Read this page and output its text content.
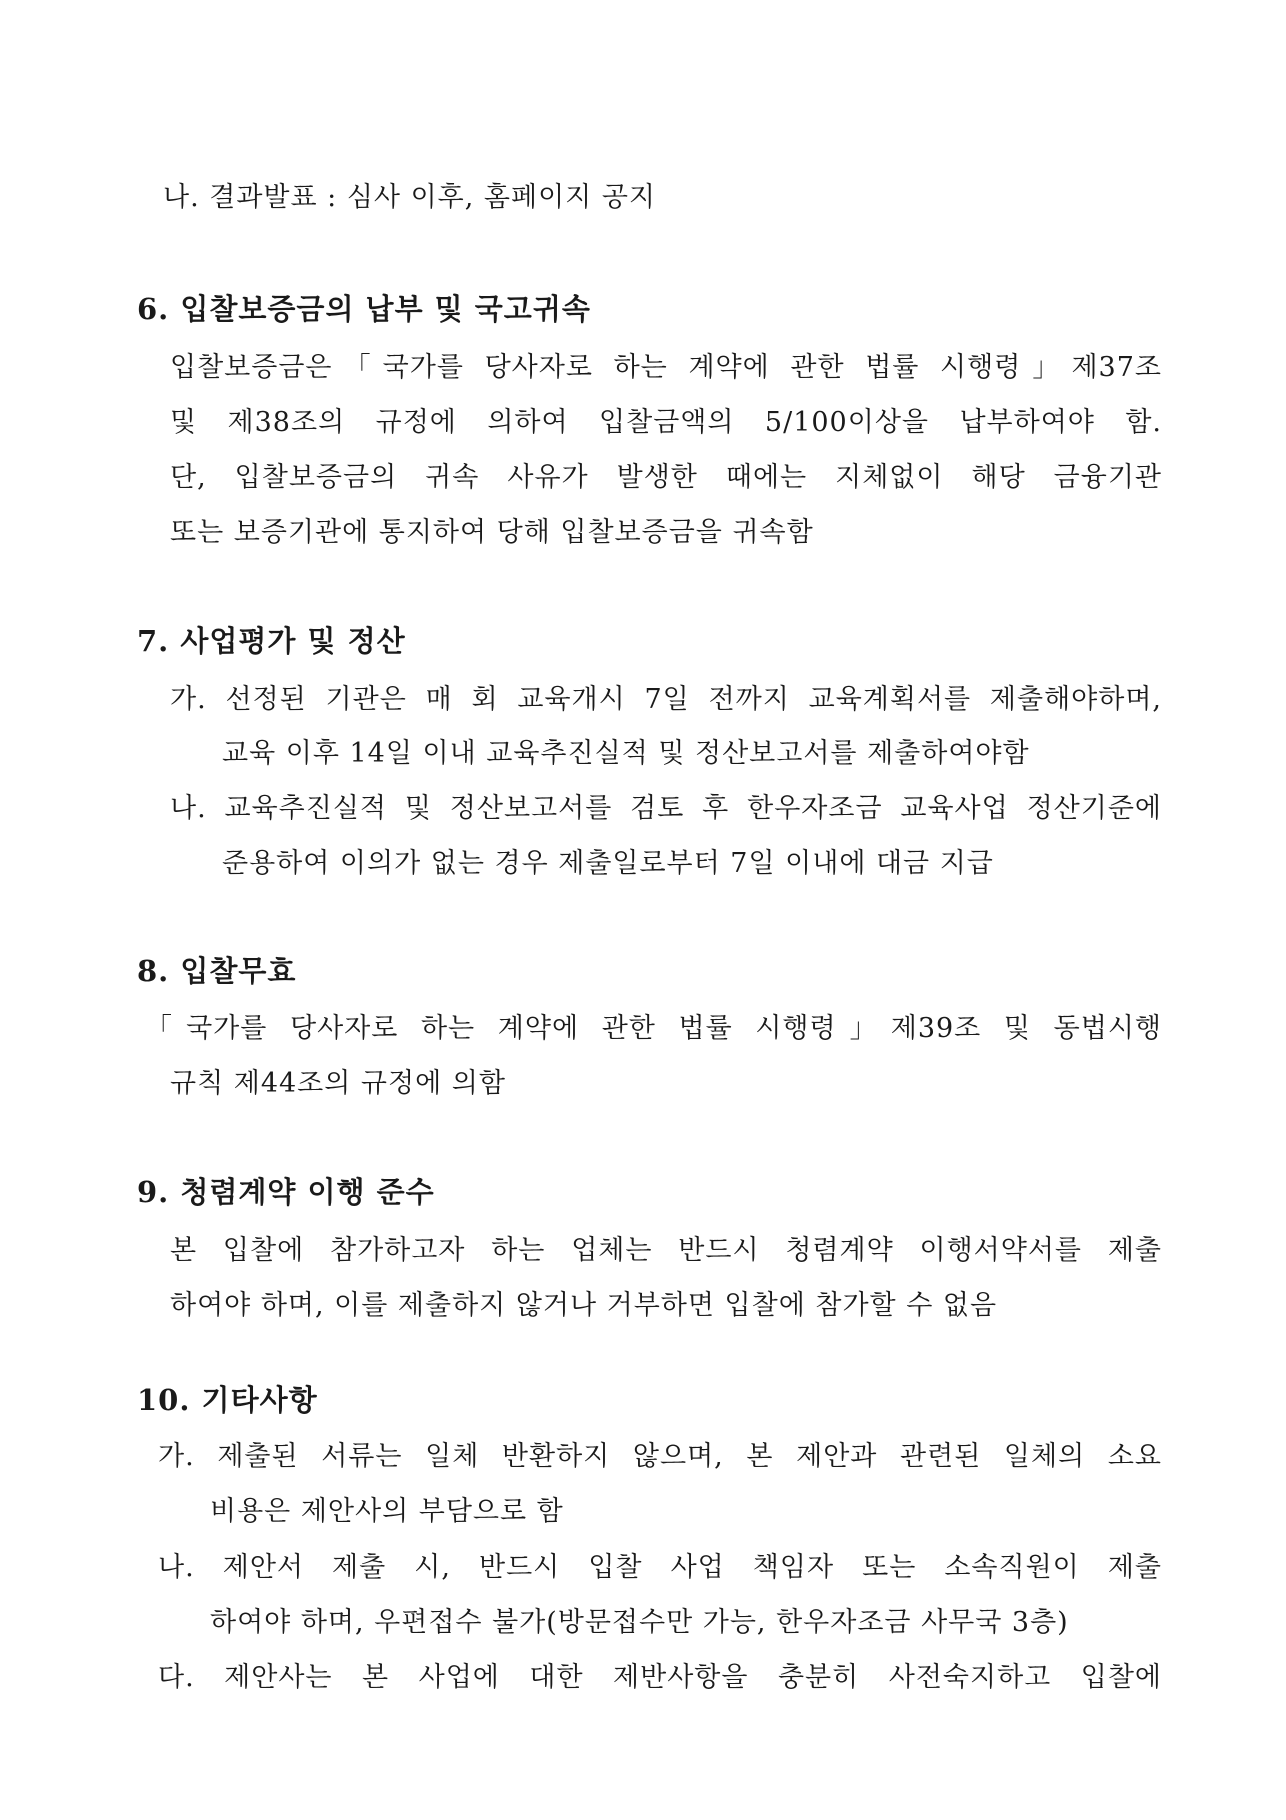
나. 결과발표 : 심사 이후, 홈페이지 공지
6. 입찰보증금의 납부 및 국고귀속
입찰보증금은「국가를 당사자로 하는 계약에 관한 법률 시행령」제37조
및 제38조의 규정에 의하여 입찰금액의 5/100이상을 납부하여야 함.
단, 입찰보증금의 귀속 사유가 발생한 때에는 지체없이 해당 금융기관
또는 보증기관에 통지하여 당해 입찰보증금을 귀속함
7. 사업평가 및 정산
가. 선정된 기관은 매 회 교육개시 7일 전까지 교육계획서를 제출해야하며,
교육 이후 14일 이내 교육추진실적 및 정산보고서를 제출하여야함
나. 교육추진실적 및 정산보고서를 검토 후 한우자조금 교육사업 정산기준에
준용하여 이의가 없는 경우 제출일로부터 7일 이내에 대금 지급
8. 입찰무효
「국가를 당사자로 하는 계약에 관한 법률 시행령」제39조 및 동법시행
규칙 제44조의 규정에 의함
9. 청렴계약 이행 준수
본 입찰에 참가하고자 하는 업체는 반드시 청렴계약 이행서약서를 제출
하여야 하며, 이를 제출하지 않거나 거부하면 입찰에 참가할 수 없음
10. 기타사항
가. 제출된 서류는 일체 반환하지 않으며, 본 제안과 관련된 일체의 소요
비용은 제안사의 부담으로 함
나. 제안서 제출 시, 반드시 입찰 사업 책임자 또는 소속직원이 제출
하여야 하며, 우편접수 불가(방문접수만 가능, 한우자조금 사무국 3층)
다. 제안사는 본 사업에 대한 제반사항을 충분히 사전숙지하고 입찰에
